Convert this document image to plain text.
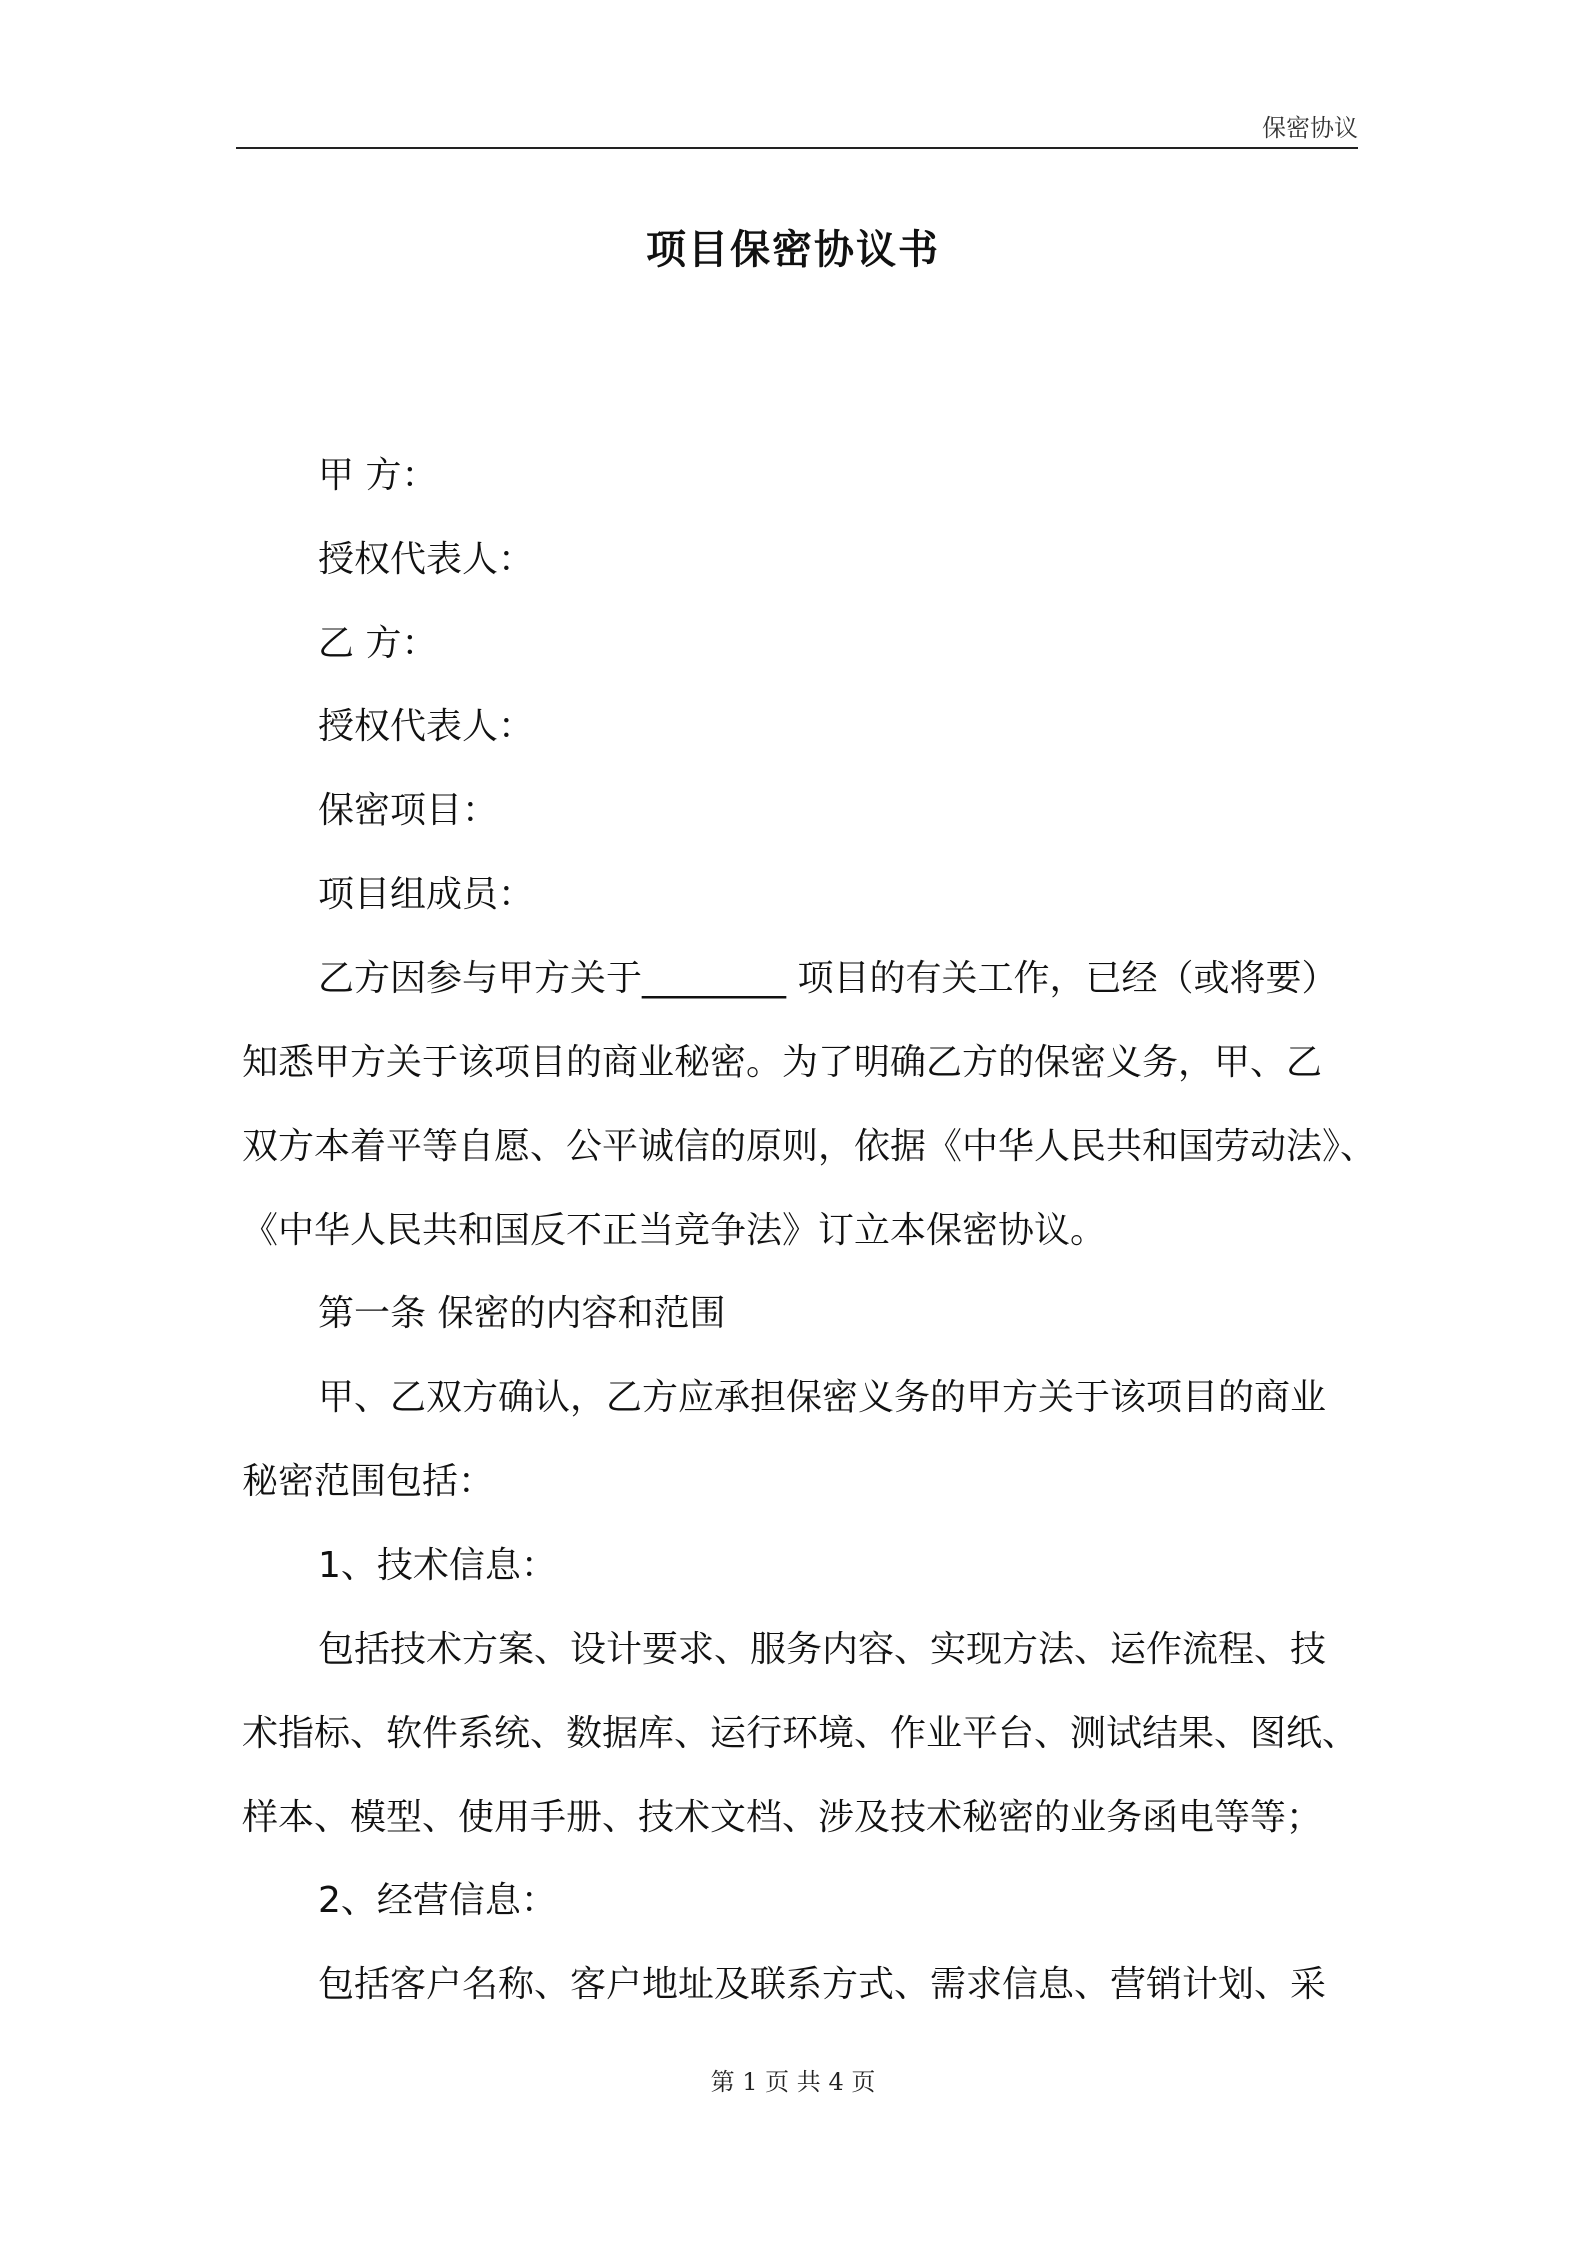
保密协议
项目保密协议书
甲 方：
授权代表人：
乙 方：
授权代表人：
保密项目：
项目组成员：
乙方因参与甲方关于________ 项目的有关工作，已经（或将要）
知悉甲方关于该项目的商业秘密。为了明确乙方的保密义务，甲、乙
双方本着平等自愿、公平诚信的原则，依据《中华人民共和国劳动法》、
《中华人民共和国反不正当竞争法》订立本保密协议。
第一条 保密的内容和范围
甲、乙双方确认，乙方应承担保密义务的甲方关于该项目的商业
秘密范围包括：
1、技术信息：
包括技术方案、设计要求、服务内容、实现方法、运作流程、技
术指标、软件系统、数据库、运行环境、作业平台、测试结果、图纸、
样本、模型、使用手册、技术文档、涉及技术秘密的业务函电等等；
2、经营信息：
包括客户名称、客户地址及联系方式、需求信息、营销计划、采
第 1 页 共 4 页
